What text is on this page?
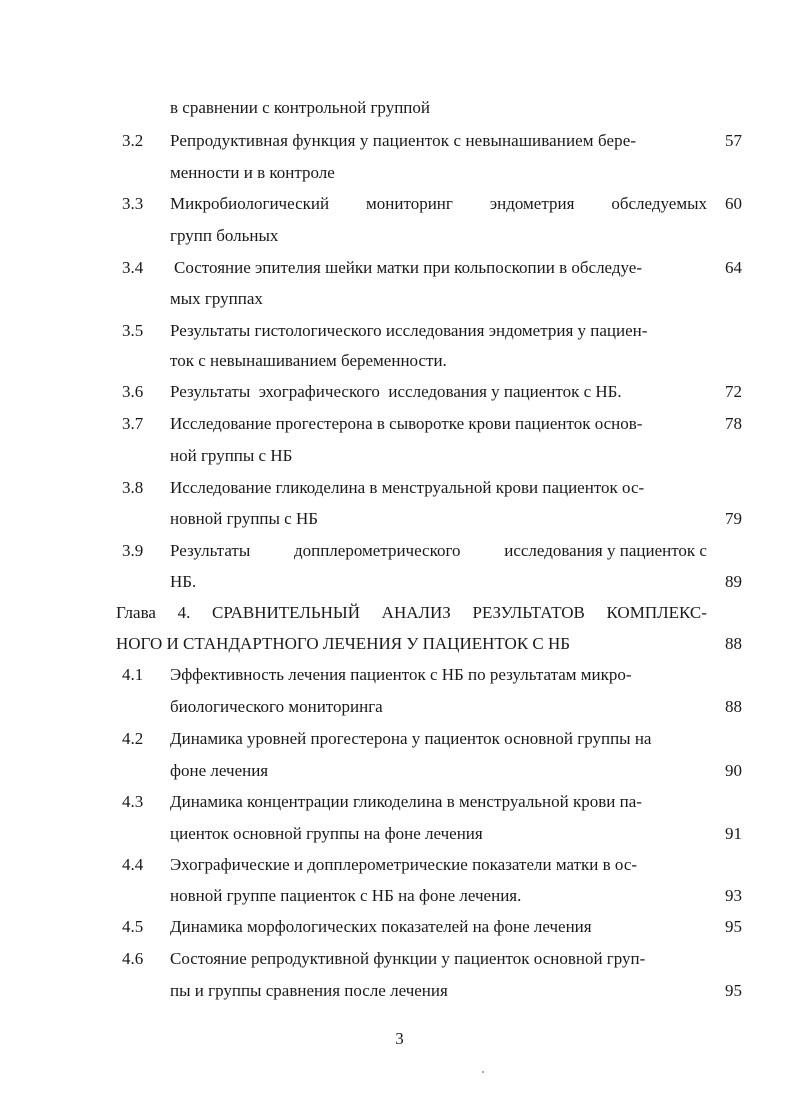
в сравнении с контрольной группой
3.2 Репродуктивная функция у пациенток с невынашиванием бере-	57
менности и в контроле
3.3 Микробиологический мониторинг эндометрия обследуемых 60
групп больных
3.4 Состояние эпителия шейки матки при кольпоскопии в обследуе-	64
мых группах
3.5 Результаты гистологического исследования эндометрия у пациен-
ток с невынашиванием беременности.
3.6 Результаты  эхографического  исследования у пациенток с НБ.	72
3.7 Исследование прогестерона в сыворотке крови пациенток основ-	78
ной группы с НБ
3.8 Исследование гликоделина в менструальной крови пациенток ос-
новной группы с НБ	79
3.9 Результаты	допплерометрического	исследования у пациенток с
НБ.	89
Глава 4. СРАВНИТЕЛЬНЫЙ АНАЛИЗ РЕЗУЛЬТАТОВ КОМПЛЕКС-
НОГО И СТАНДАРТНОГО ЛЕЧЕНИЯ У ПАЦИЕНТОК С НБ	88
4.1 Эффективность лечения пациенток с НБ по результатам микро-
биологического мониторинга	88
4.2 Динамика уровней прогестерона у пациенток основной группы на
фоне лечения	90
4.3 Динамика концентрации гликоделина в менструальной крови па-
циенток основной группы на фоне лечения	91
4.4 Эхографические и допплерометрические показатели матки в ос-
новной группе пациенток с НБ на фоне лечения.	93
4.5 Динамика морфологических показателей на фоне лечения	95
4.6 Состояние репродуктивной функции у пациенток основной груп-
пы и группы сравнения после лечения	95
3
